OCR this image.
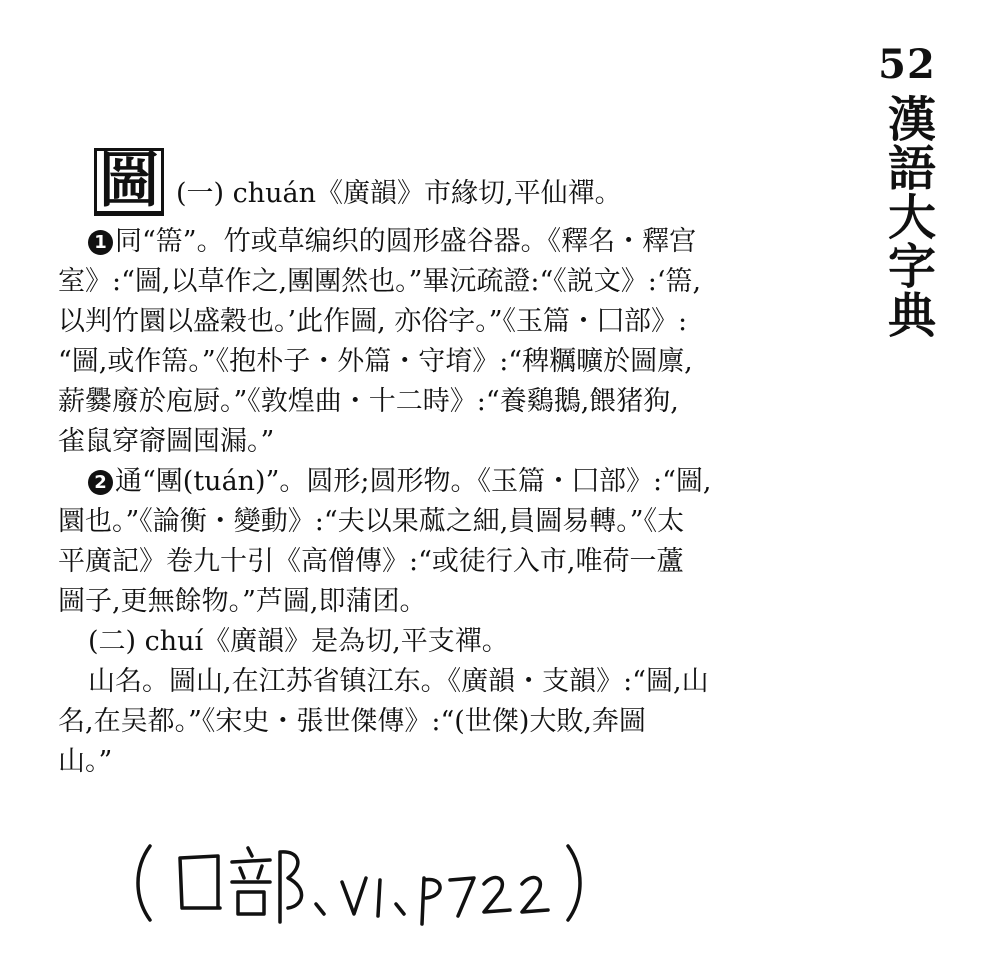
52
漢語大字典
圌 (一) chuán《廣韻》市緣切,平仙禪。
1 同“篅”。竹或草编织的圆形盛谷器。《釋名・釋宫
室》:“圌,以草作之,團團然也。”畢沅疏證:“《説文》:‘篅,
以判竹圜以盛穀也。’此作圌, 亦俗字。”《玉篇・囗部》:
“圌,或作篅。”《抱朴子・外篇・守堉》:“稗糲曠於圌廪,
薪爨廢於庖厨。”《敦煌曲・十二時》:“養鷄鵝,餵猪狗,
雀鼠穿窬圌囤漏。”
2 通“團(tuán)”。圆形;圆形物。《玉篇・囗部》:“圌,
圜也。”《論衡・變動》:“夫以果蓏之細,員圌易轉。”《太
平廣記》卷九十引《高僧傳》:“或徒行入市,唯荷一蘆
圌子,更無餘物。”芦圌,即蒲团。
(二) chuí《廣韻》是為切,平支禪。
山名。圌山,在江苏省镇江东。《廣韻・支韻》:“圌,山
名,在吴都。”《宋史・張世傑傳》:“(世傑)大敗,奔圌
山。”
